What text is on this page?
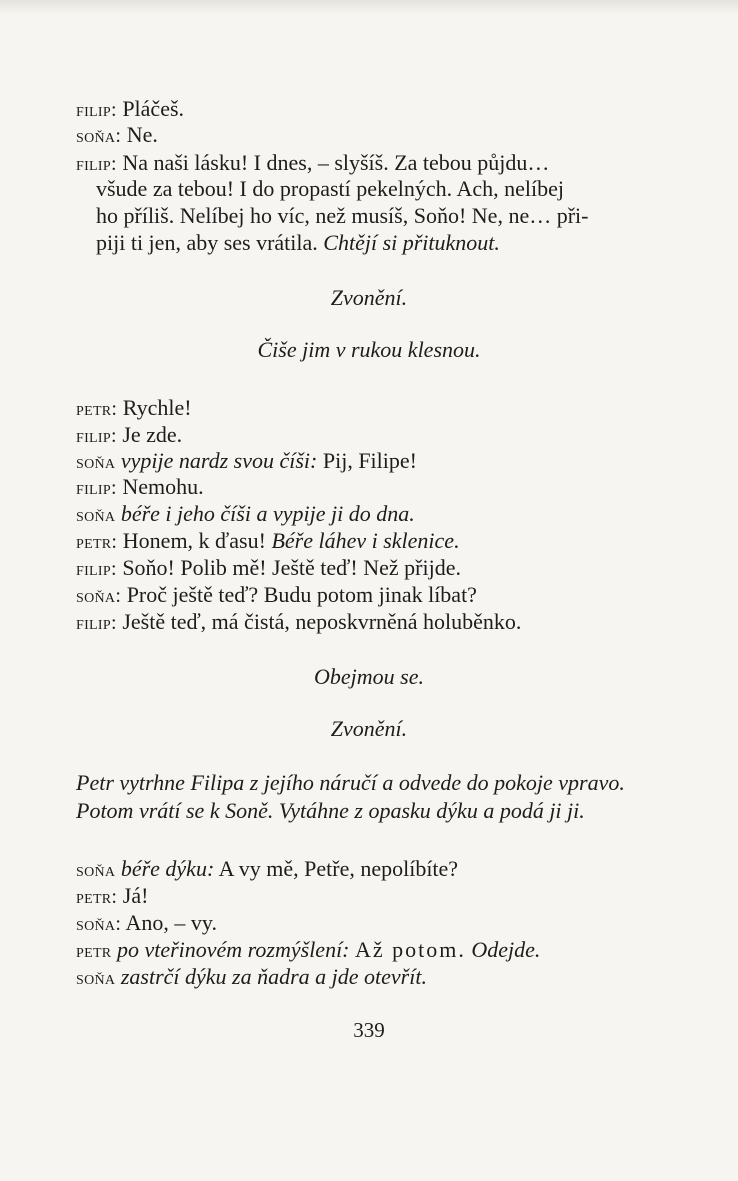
filip: Pláčeš.
soňa: Ne.
filip: Na naši lásku! I dnes, – slyšíš. Za tebou půjdu…
všude za tebou! I do propastí pekelných. Ach, nelíbej
ho příliš. Nelíbej ho víc, než musíš, Soňo! Ne, ne… při-
piji ti jen, aby ses vrátila. Chtějí si přituknout.
Zvonění.
Čiše jim v rukou klesnou.
petr: Rychle!
filip: Je zde.
soňa vypije nardz svou číši: Pij, Filipe!
filip: Nemohu.
soňa béře i jeho číši a vypije ji do dna.
petr: Honem, k ďasu! Béře láhev i sklenice.
filip: Soňo! Polib mě! Ještě teď! Než přijde.
soňa: Proč ještě teď? Budu potom jinak líbat?
filip: Ještě teď, má čistá, neposkvrněná holuběnko.
Obejmou se.
Zvonění.
Petr vytrhne Filipa z jejího náručí a odvede do pokoje vpravo.
Potom vrátí se k Soně. Vytáhne z opasku dýku a podá ji ji.
soňa béře dýku: A vy mě, Petře, nepolíbíte?
petr: Já!
soňa: Ano, – vy.
petr po vteřinovém rozmýšlení: Až potom. Odejde.
soňa zastrčí dýku za ňadra a jde otevřít.
339
